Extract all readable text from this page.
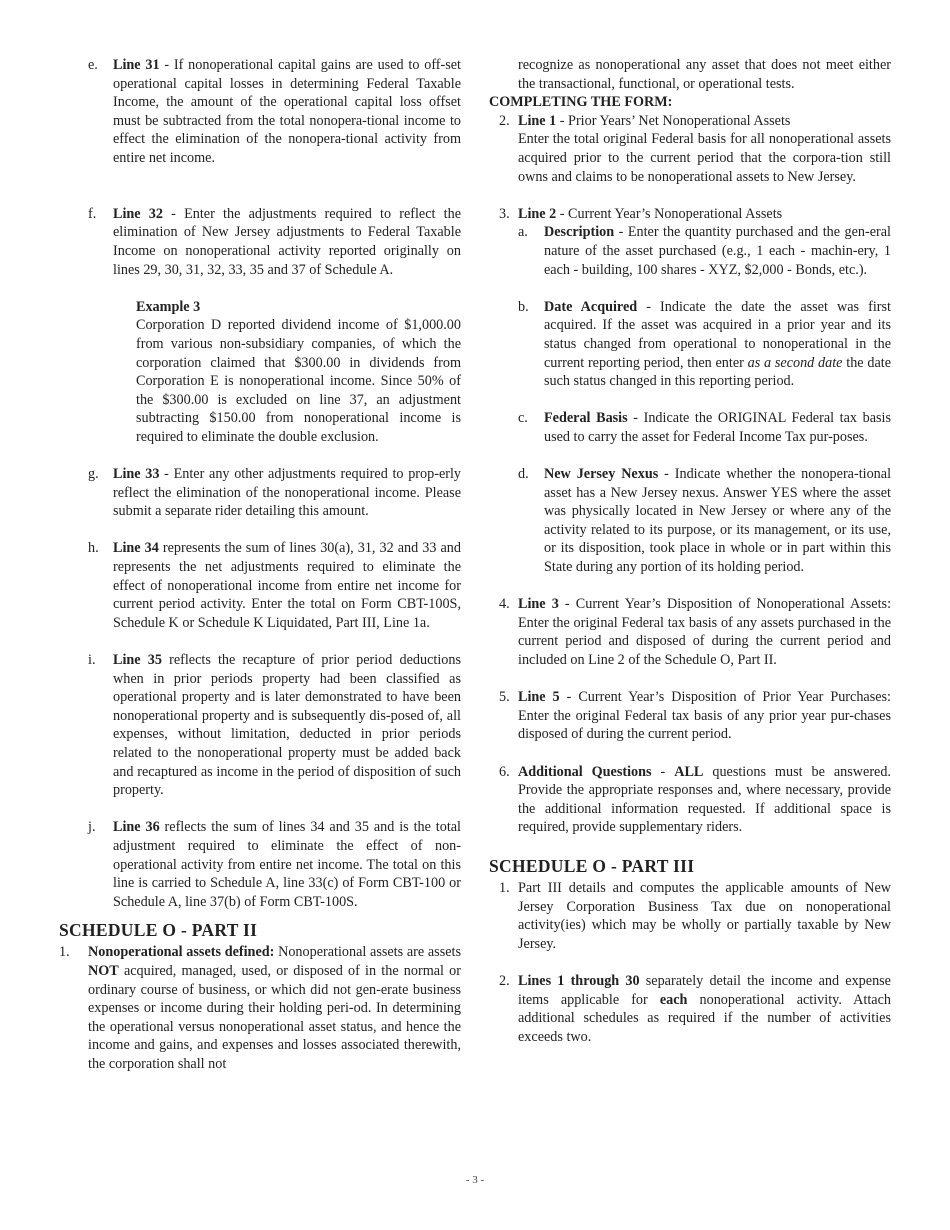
e. Line 31 - If nonoperational capital gains are used to off-set operational capital losses in determining Federal Taxable Income, the amount of the operational capital loss offset must be subtracted from the total nonopera-tional income to effect the elimination of the nonopera-tional activity from entire net income.
f. Line 32 - Enter the adjustments required to reflect the elimination of New Jersey adjustments to Federal Taxable Income on nonoperational activity reported originally on lines 29, 30, 31, 32, 33, 35 and 37 of Schedule A.
Example 3

Corporation D reported dividend income of $1,000.00 from various non-subsidiary companies, of which the corporation claimed that $300.00 in dividends from Corporation E is nonoperational income. Since 50% of the $300.00 is excluded on line 37, an adjustment subtracting $150.00 from nonoperational income is required to eliminate the double exclusion.

g. Line 33 - Enter any other adjustments required to prop-erly reflect the elimination of the nonoperational income. Please submit a separate rider detailing this amount.
h. Line 34 represents the sum of lines 30(a), 31, 32 and 33 and represents the net adjustments required to eliminate the effect of nonoperational income from entire net income for current period activity. Enter the total on Form CBT-100S, Schedule K or Schedule K Liquidated, Part III, Line 1a.
i. Line 35 reflects the recapture of prior period deductions when in prior periods property had been classified as operational property and is later demonstrated to have been nonoperational property and is subsequently dis-posed of, all expenses, without limitation, deducted in prior periods related to the nonoperational property must be added back and recaptured as income in the period of disposition of such property.
j. Line 36 reflects the sum of lines 34 and 35 and is the total adjustment required to eliminate the effect of non-operational activity from entire net income. The total on this line is carried to Schedule A, line 33(c) of Form CBT-100 or Schedule A, line 37(b) of Form CBT-100S.
SCHEDULE O - PART II
1. Nonoperational assets defined: Nonoperational assets are assets NOT acquired, managed, used, or disposed of in the normal or ordinary course of business, or which did not gen-erate business expenses or income during their holding peri-od. In determining the operational versus nonoperational asset status, and hence the income and gains, and expenses and losses associated therewith, the corporation shall not

recognize as nonoperational any asset that does not meet either the transactional, functional, or operational tests.

COMPLETING THE FORM:
2. Line 1 - Prior Years’ Net Nonoperational Assets

Enter the total original Federal basis for all nonoperational assets acquired prior to the current period that the corpora-tion still owns and claims to be nonoperational assets to New Jersey.

3. Line 2 - Current Year’s Nonoperational Assets
a. Description - Enter the quantity purchased and the gen-eral nature of the asset purchased (e.g., 1 each - machin-ery, 1 each - building, 100 shares - XYZ, $2,000 - Bonds, etc.).
b. Date Acquired - Indicate the date the asset was first acquired. If the asset was acquired in a prior year and its status changed from operational to nonoperational in the current reporting period, then enter as a second date the date such status changed in this reporting period.
c. Federal Basis - Indicate the ORIGINAL Federal tax basis used to carry the asset for Federal Income Tax pur-poses.
d. New Jersey Nexus - Indicate whether the nonopera-tional asset has a New Jersey nexus. Answer YES where the asset was physically located in New Jersey or where any of the activity related to its purpose, or its management, or its use, or its disposition, took place in whole or in part within this State during any portion of its holding period.
4. Line 3 - Current Year’s Disposition of Nonoperational Assets: Enter the original Federal tax basis of any assets purchased in the current period and disposed of during the current period and included on Line 2 of the Schedule O, Part II.
5. Line 5 - Current Year’s Disposition of Prior Year Purchases: Enter the original Federal tax basis of any prior year pur-chases disposed of during the current period.
6. Additional Questions - ALL questions must be answered. Provide the appropriate responses and, where necessary, provide the additional information requested. If additional space is required, provide supplementary riders.
SCHEDULE O - PART III
1. Part III details and computes the applicable amounts of New Jersey Corporation Business Tax due on nonoperational activity(ies) which may be wholly or partially taxable by New Jersey.
2. Lines 1 through 30 separately detail the income and expense items applicable for each nonoperational activity. Attach additional schedules as required if the number of activities exceeds two.
- 3 -
